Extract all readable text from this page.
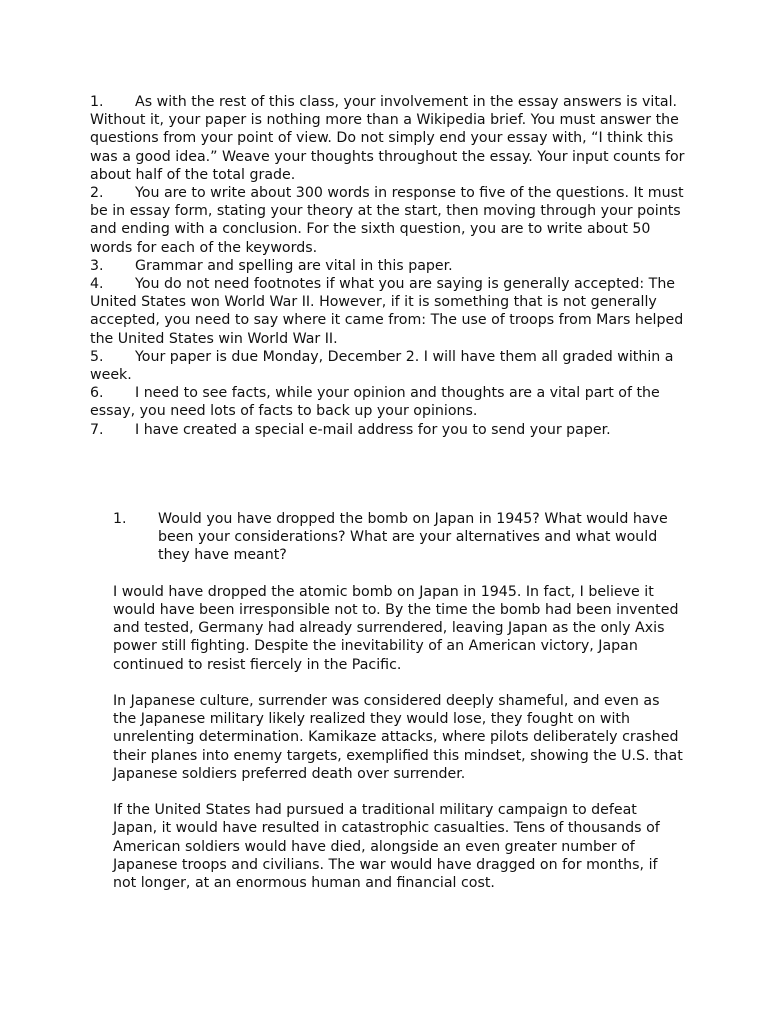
1. As with the rest of this class, your involvement in the essay answers is vital. Without it, your paper is nothing more than a Wikipedia brief. You must answer the questions from your point of view. Do not simply end your essay with, “I think this was a good idea.” Weave your thoughts throughout the essay. Your input counts for about half of the total grade.
2. You are to write about 300 words in response to five of the questions. It must be in essay form, stating your theory at the start, then moving through your points and ending with a conclusion. For the sixth question, you are to write about 50 words for each of the keywords.
3. Grammar and spelling are vital in this paper.
4. You do not need footnotes if what you are saying is generally accepted: The United States won World War II. However, if it is something that is not generally accepted, you need to say where it came from: The use of troops from Mars helped the United States win World War II.
5. Your paper is due Monday, December 2. I will have them all graded within a week.
6. I need to see facts, while your opinion and thoughts are a vital part of the essay, you need lots of facts to back up your opinions.
7. I have created a special e-mail address for you to send your paper.
1.	Would you have dropped the bomb on Japan in 1945? What would have been your considerations? What are your alternatives and what would they have meant?

I would have dropped the atomic bomb on Japan in 1945. In fact, I believe it would have been irresponsible not to. By the time the bomb had been invented and tested, Germany had already surrendered, leaving Japan as the only Axis power still fighting. Despite the inevitability of an American victory, Japan continued to resist fiercely in the Pacific.

In Japanese culture, surrender was considered deeply shameful, and even as the Japanese military likely realized they would lose, they fought on with unrelenting determination. Kamikaze attacks, where pilots deliberately crashed their planes into enemy targets, exemplified this mindset, showing the U.S. that Japanese soldiers preferred death over surrender.

If the United States had pursued a traditional military campaign to defeat Japan, it would have resulted in catastrophic casualties. Tens of thousands of American soldiers would have died, alongside an even greater number of Japanese troops and civilians. The war would have dragged on for months, if not longer, at an enormous human and financial cost.
